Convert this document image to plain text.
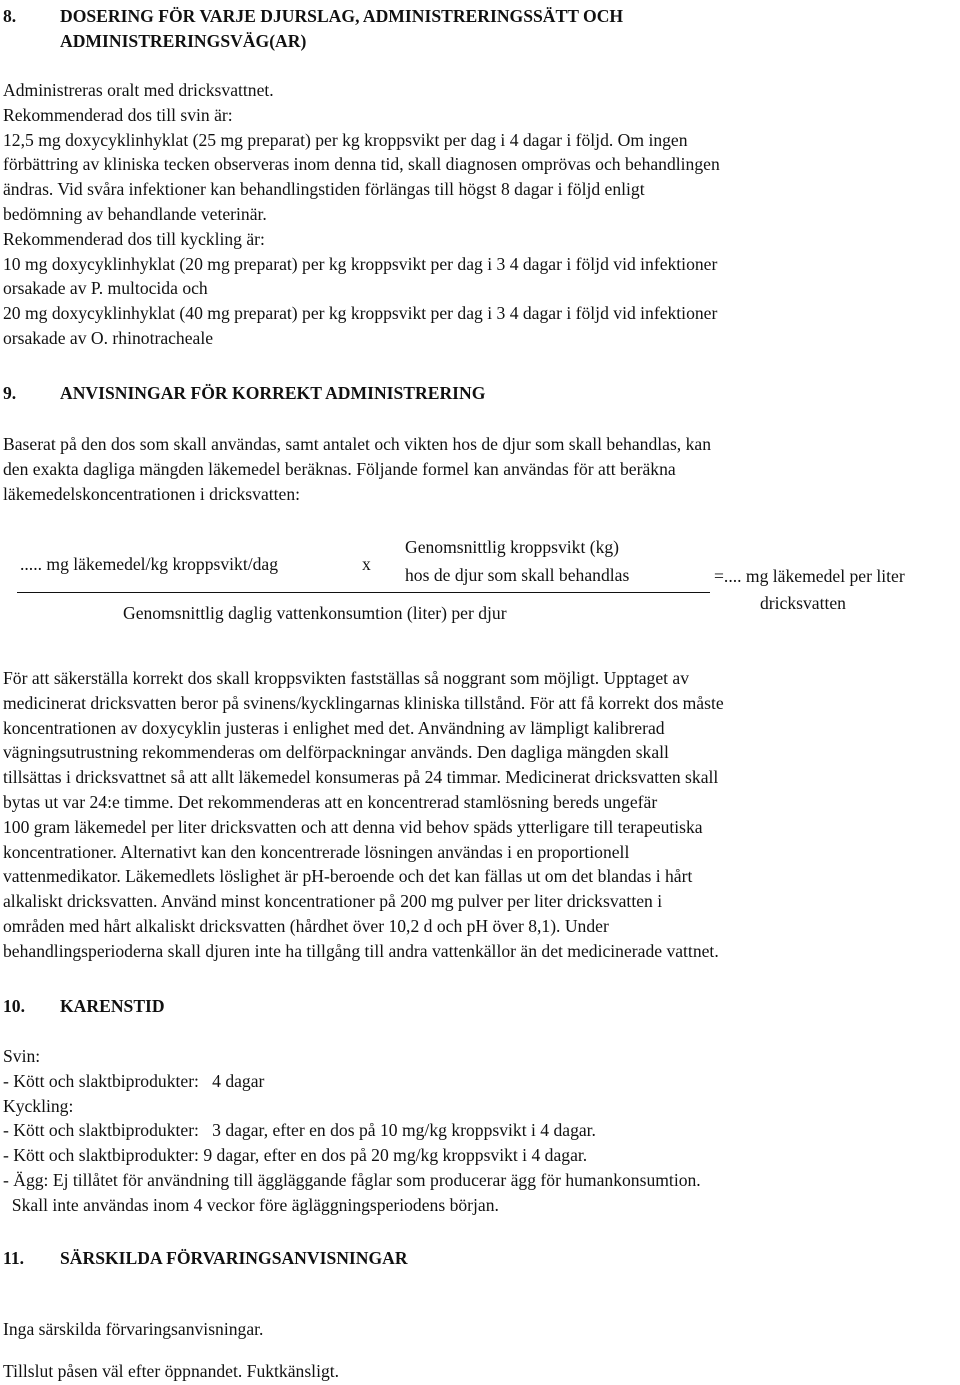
8.	DOSERING FÖR VARJE DJURSLAG, ADMINISTRERINGSSÄTT OCH
ADMINISTRERINGSVÄG(AR)

Administreras oralt med dricksvattnet.

Rekommenderad dos till svin är:

12,5 mg doxycyklinhyklat (25 mg preparat) per kg kroppsvikt per dag i 4 dagar i följd. Om ingen

förbättring av kliniska tecken observeras inom denna tid, skall diagnosen omprövas och behandlingen

ändras. Vid svåra infektioner kan behandlingstiden förlängas till högst 8 dagar i följd enligt

bedömning av behandlande veterinär.

Rekommenderad dos till kyckling är:

10 mg doxycyklinhyklat (20 mg preparat) per kg kroppsvikt per dag i 3 4 dagar i följd vid infektioner

orsakade av P. multocida och

20 mg doxycyklinhyklat (40 mg preparat) per kg kroppsvikt per dag i 3 4 dagar i följd vid infektioner

orsakade av O. rhinotracheale

9.	ANVISNINGAR FÖR KORREKT ADMINISTRERING

Baserat på den dos som skall användas, samt antalet och vikten hos de djur som skall behandlas, kan

den exakta dagliga mängden läkemedel beräknas. Följande formel kan användas för att beräkna

läkemedelskoncentrationen i dricksvatten:

..... mg läkemedel/kg kroppsvikt/dag	x
Genomsnittlig kroppsvikt (kg)
hos de djur som skall behandlas
Genomsnittlig daglig vattenkonsumtion (liter) per djur
=.... mg läkemedel per liter
dricksvatten

För att säkerställa korrekt dos skall kroppsvikten fastställas så noggrant som möjligt. Upptaget av

medicinerat dricksvatten beror på svinens/kycklingarnas kliniska tillstånd. För att få korrekt dos måste

koncentrationen av doxycyklin justeras i enlighet med det. Användning av lämpligt kalibrerad

vägningsutrustning rekommenderas om delförpackningar används. Den dagliga mängden skall

tillsättas i dricksvattnet så att allt läkemedel konsumeras på 24 timmar. Medicinerat dricksvatten skall

bytas ut var 24:e timme. Det rekommenderas att en koncentrerad stamlösning bereds ungefär

100 gram läkemedel per liter dricksvatten och att denna vid behov späds ytterligare till terapeutiska

koncentrationer. Alternativt kan den koncentrerade lösningen användas i en proportionell

vattenmedikator. Läkemedlets löslighet är pH-beroende och det kan fällas ut om det blandas i hårt

alkaliskt dricksvatten. Använd minst koncentrationer på 200 mg pulver per liter dricksvatten i

områden med hårt alkaliskt dricksvatten (hårdhet över 10,2 d och pH över 8,1). Under

behandlingsperioderna skall djuren inte ha tillgång till andra vattenkällor än det medicinerade vattnet.

10.	KARENSTID

Svin:

- Kött och slaktbiprodukter:   4 dagar

Kyckling:

- Kött och slaktbiprodukter:   3 dagar, efter en dos på 10 mg/kg kroppsvikt i 4 dagar.

- Kött och slaktbiprodukter: 9 dagar, efter en dos på 20 mg/kg kroppsvikt i 4 dagar.

- Ägg: Ej tillåtet för användning till äggläggande fåglar som producerar ägg för humankonsumtion.

Skall inte användas inom 4 veckor före ägläggningsperiodens början.

11.	SÄRSKILDA FÖRVARINGSANVISNINGAR

Inga särskilda förvaringsanvisningar.

Tillslut påsen väl efter öppnandet. Fuktkänsligt.
